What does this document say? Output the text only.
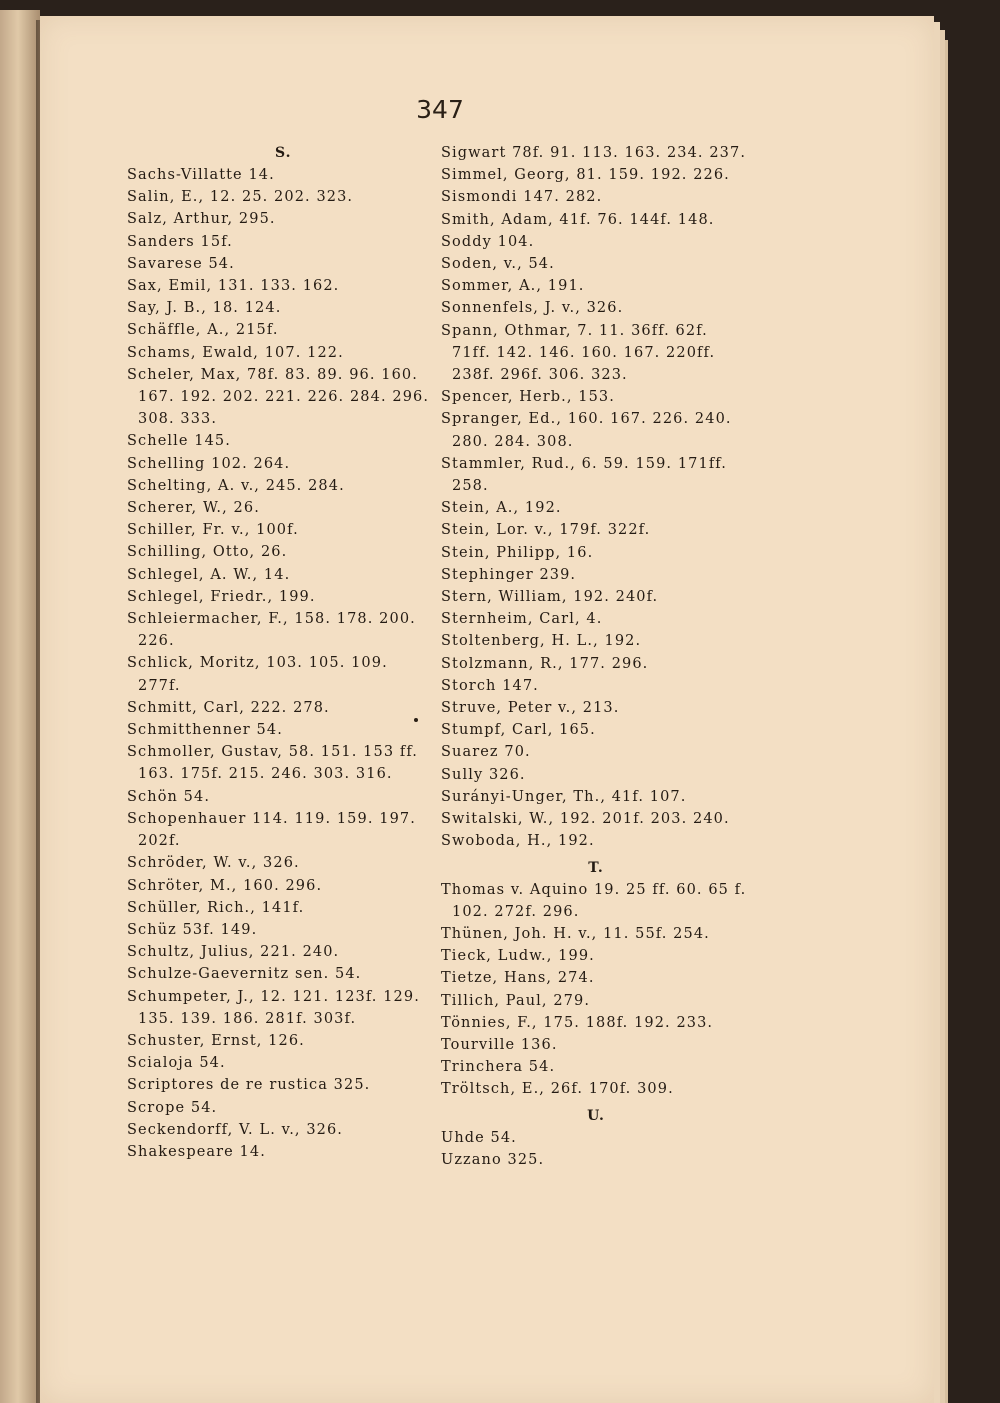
347
S.
Sachs-Villatte 14.
Salin, E., 12. 25. 202. 323.
Salz, Arthur, 295.
Sanders 15f.
Savarese 54.
Sax, Emil, 131. 133. 162.
Say, J. B., 18. 124.
Schäffle, A., 215f.
Schams, Ewald, 107. 122.
Scheler, Max, 78f. 83. 89. 96. 160.
167. 192. 202. 221. 226. 284. 296.
308. 333.
Schelle 145.
Schelling 102. 264.
Schelting, A. v., 245. 284.
Scherer, W., 26.
Schiller, Fr. v., 100f.
Schilling, Otto, 26.
Schlegel, A. W., 14.
Schlegel, Friedr., 199.
Schleiermacher, F., 158. 178. 200.
226.
Schlick, Moritz, 103. 105. 109.
277f.
Schmitt, Carl, 222. 278.
Schmitthenner 54.
Schmoller, Gustav, 58. 151. 153 ff.
163. 175f. 215. 246. 303. 316.
Schön 54.
Schopenhauer 114. 119. 159. 197.
202f.
Schröder, W. v., 326.
Schröter, M., 160. 296.
Schüller, Rich., 141f.
Schüz 53f. 149.
Schultz, Julius, 221. 240.
Schulze-Gaevernitz sen. 54.
Schumpeter, J., 12. 121. 123f. 129.
135. 139. 186. 281f. 303f.
Schuster, Ernst, 126.
Scialoja 54.
Scriptores de re rustica 325.
Scrope 54.
Seckendorff, V. L. v., 326.
Shakespeare 14.
Sigwart 78f. 91. 113. 163. 234. 237.
Simmel, Georg, 81. 159. 192. 226.
Sismondi 147. 282.
Smith, Adam, 41f. 76. 144f. 148.
Soddy 104.
Soden, v., 54.
Sommer, A., 191.
Sonnenfels, J. v., 326.
Spann, Othmar, 7. 11. 36ff. 62f.
71ff. 142. 146. 160. 167. 220ff.
238f. 296f. 306. 323.
Spencer, Herb., 153.
Spranger, Ed., 160. 167. 226. 240.
280. 284. 308.
Stammler, Rud., 6. 59. 159. 171ff.
258.
Stein, A., 192.
Stein, Lor. v., 179f. 322f.
Stein, Philipp, 16.
Stephinger 239.
Stern, William, 192. 240f.
Sternheim, Carl, 4.
Stoltenberg, H. L., 192.
Stolzmann, R., 177. 296.
Storch 147.
Struve, Peter v., 213.
Stumpf, Carl, 165.
Suarez 70.
Sully 326.
Surányi-Unger, Th., 41f. 107.
Switalski, W., 192. 201f. 203. 240.
Swoboda, H., 192.
T.
Thomas v. Aquino 19. 25 ff. 60. 65 f.
102. 272f. 296.
Thünen, Joh. H. v., 11. 55f. 254.
Tieck, Ludw., 199.
Tietze, Hans, 274.
Tillich, Paul, 279.
Tönnies, F., 175. 188f. 192. 233.
Tourville 136.
Trinchera 54.
Tröltsch, E., 26f. 170f. 309.
U.
Uhde 54.
Uzzano 325.
